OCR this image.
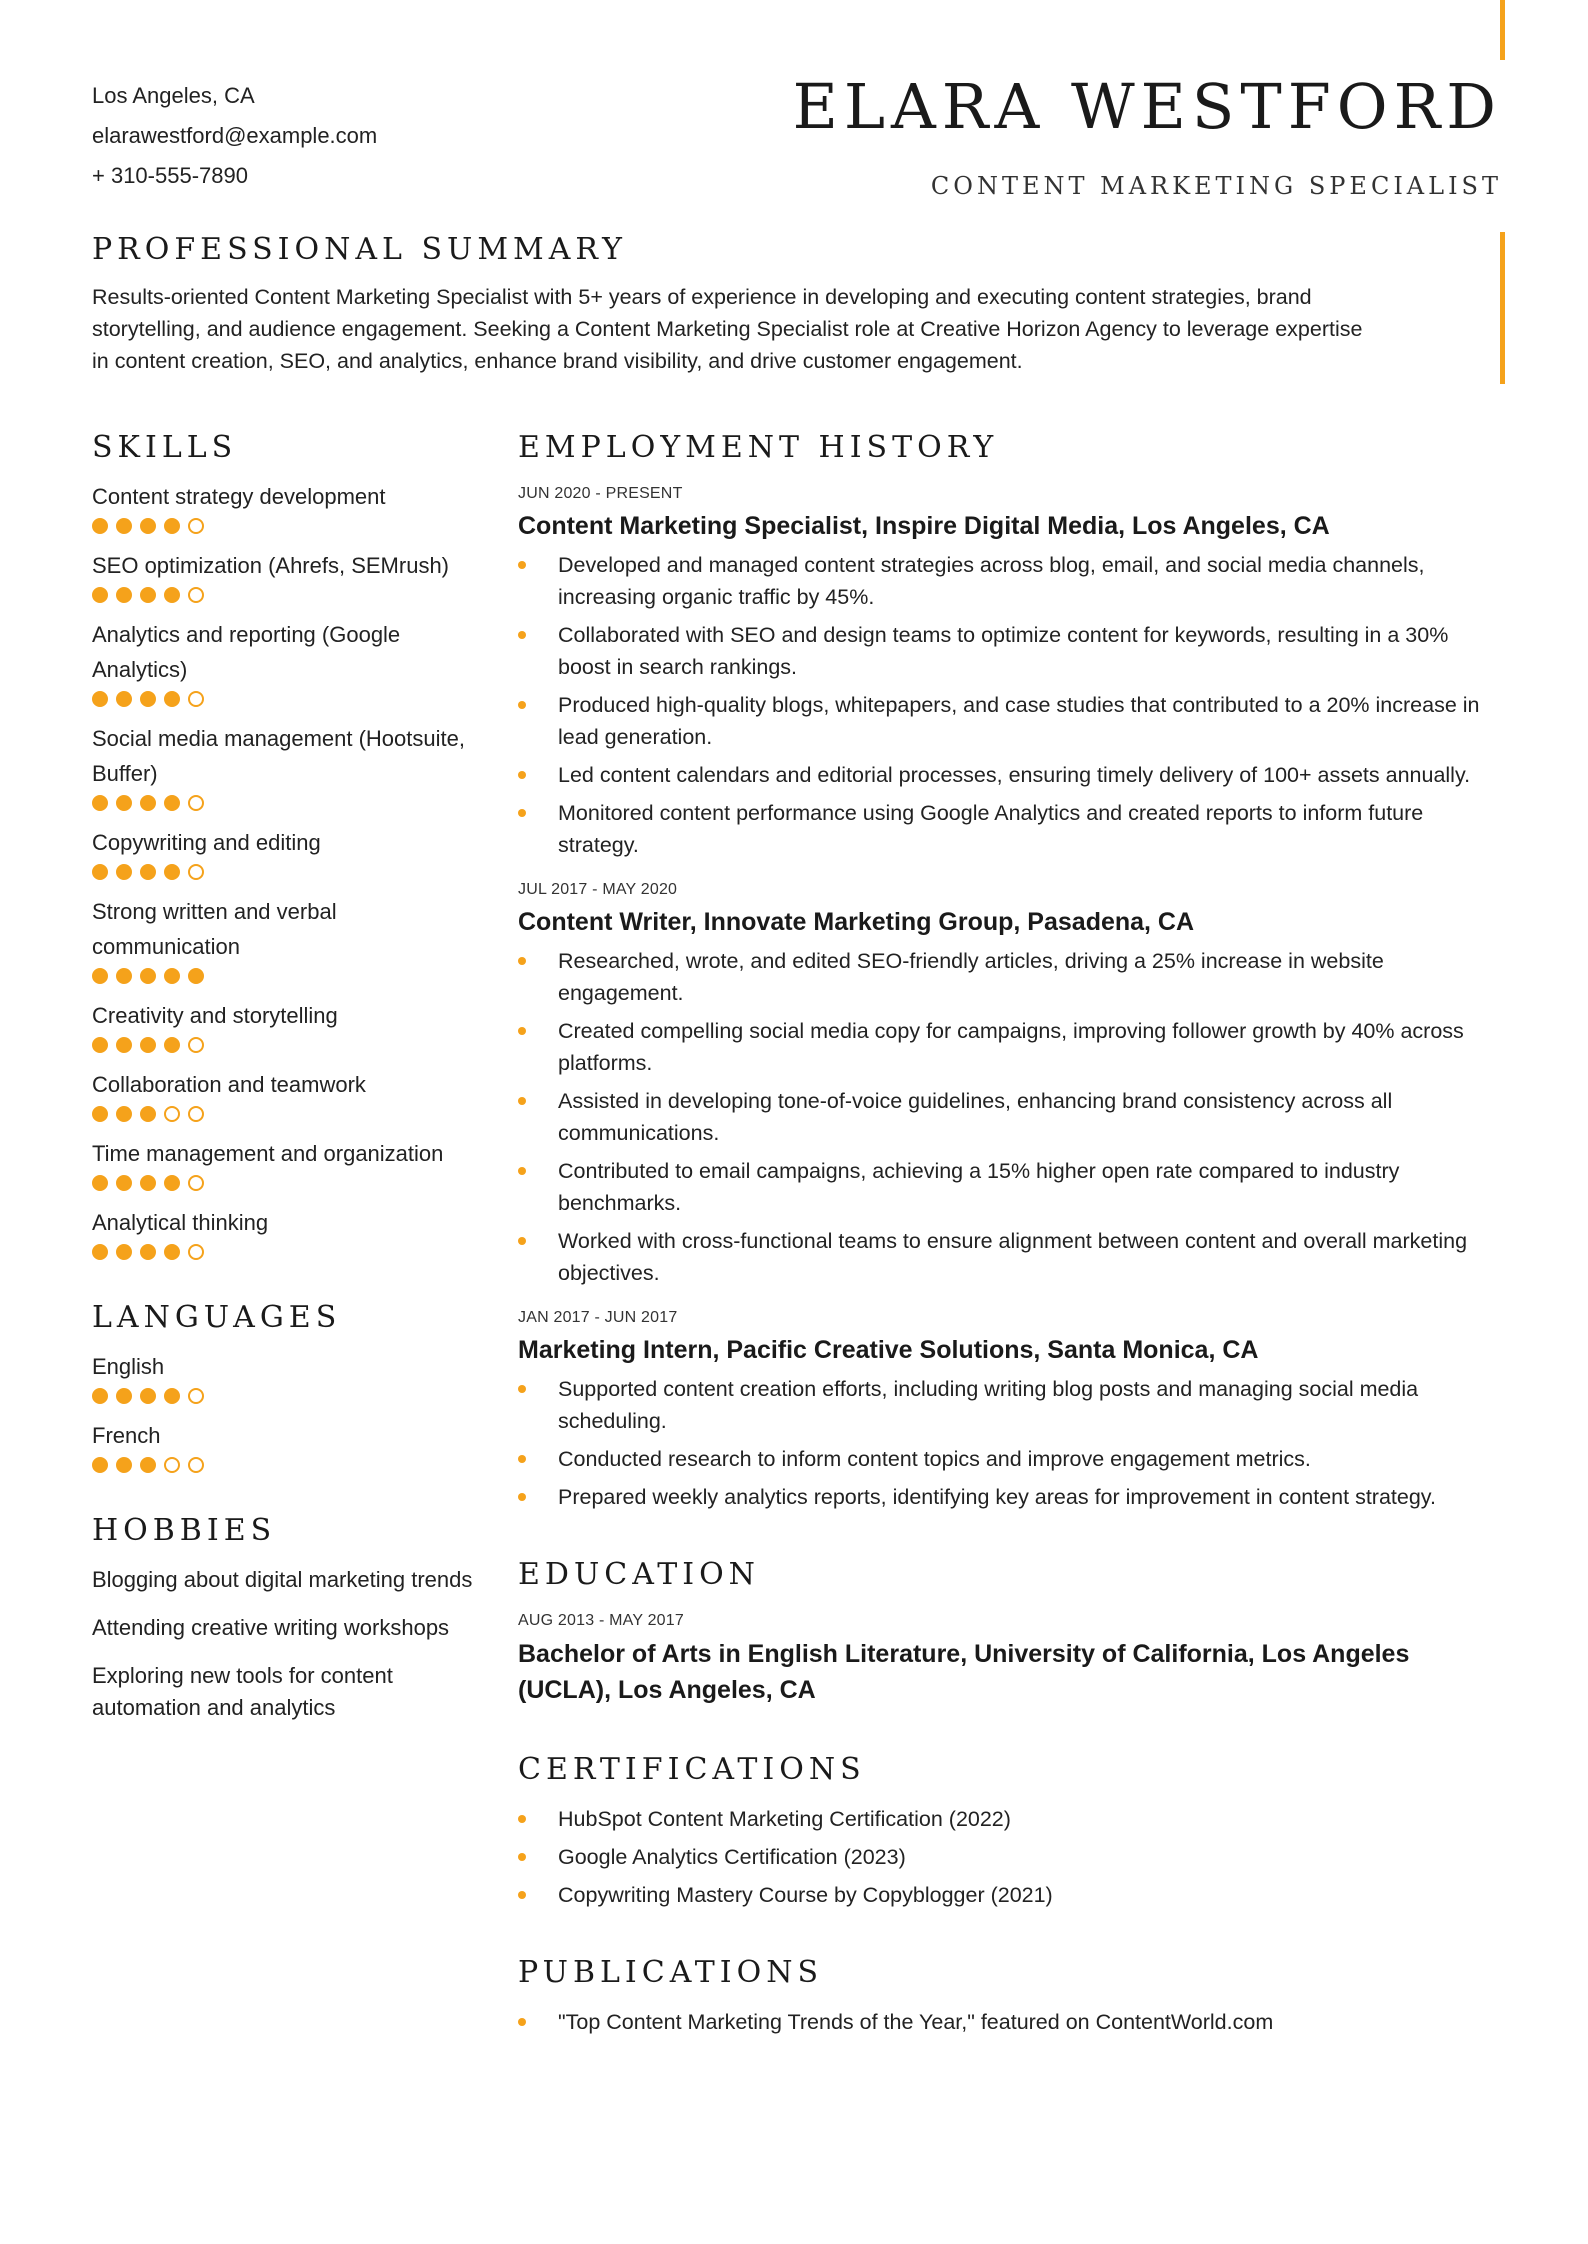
Los Angeles, CA
elarawestford@example.com
+ 310-555-7890
ELARA WESTFORD
CONTENT MARKETING SPECIALIST
PROFESSIONAL SUMMARY

Results-oriented Content Marketing Specialist with 5+ years of experience in developing and executing content strategies, brand storytelling, and audience engagement. Seeking a Content Marketing Specialist role at Creative Horizon Agency to leverage expertise in content creation, SEO, and analytics, enhance brand visibility, and drive customer engagement.

SKILLS
Content strategy development
SEO optimization (Ahrefs, SEMrush)
Analytics and reporting (Google Analytics)
Social media management (Hootsuite, Buffer)
Copywriting and editing
Strong written and verbal communication
Creativity and storytelling
Collaboration and teamwork
Time management and organization
Analytical thinking
LANGUAGES
English
French
HOBBIES
Blogging about digital marketing trends
Attending creative writing workshops
Exploring new tools for content automation and analytics
EMPLOYMENT HISTORY
JUN 2020 - PRESENT
Content Marketing Specialist, Inspire Digital Media, Los Angeles, CA
Developed and managed content strategies across blog, email, and social media channels, increasing organic traffic by 45%.
Collaborated with SEO and design teams to optimize content for keywords, resulting in a 30% boost in search rankings.
Produced high-quality blogs, whitepapers, and case studies that contributed to a 20% increase in lead generation.
Led content calendars and editorial processes, ensuring timely delivery of 100+ assets annually.
Monitored content performance using Google Analytics and created reports to inform future strategy.
JUL 2017 - MAY 2020
Content Writer, Innovate Marketing Group, Pasadena, CA
Researched, wrote, and edited SEO-friendly articles, driving a 25% increase in website engagement.
Created compelling social media copy for campaigns, improving follower growth by 40% across platforms.
Assisted in developing tone-of-voice guidelines, enhancing brand consistency across all communications.
Contributed to email campaigns, achieving a 15% higher open rate compared to industry benchmarks.
Worked with cross-functional teams to ensure alignment between content and overall marketing objectives.
JAN 2017 - JUN 2017
Marketing Intern, Pacific Creative Solutions, Santa Monica, CA
Supported content creation efforts, including writing blog posts and managing social media scheduling.
Conducted research to inform content topics and improve engagement metrics.
Prepared weekly analytics reports, identifying key areas for improvement in content strategy.
EDUCATION
AUG 2013 - MAY 2017
Bachelor of Arts in English Literature, University of California, Los Angeles (UCLA), Los Angeles, CA
CERTIFICATIONS
HubSpot Content Marketing Certification (2022)
Google Analytics Certification (2023)
Copywriting Mastery Course by Copyblogger (2021)
PUBLICATIONS
"Top Content Marketing Trends of the Year," featured on ContentWorld.com
